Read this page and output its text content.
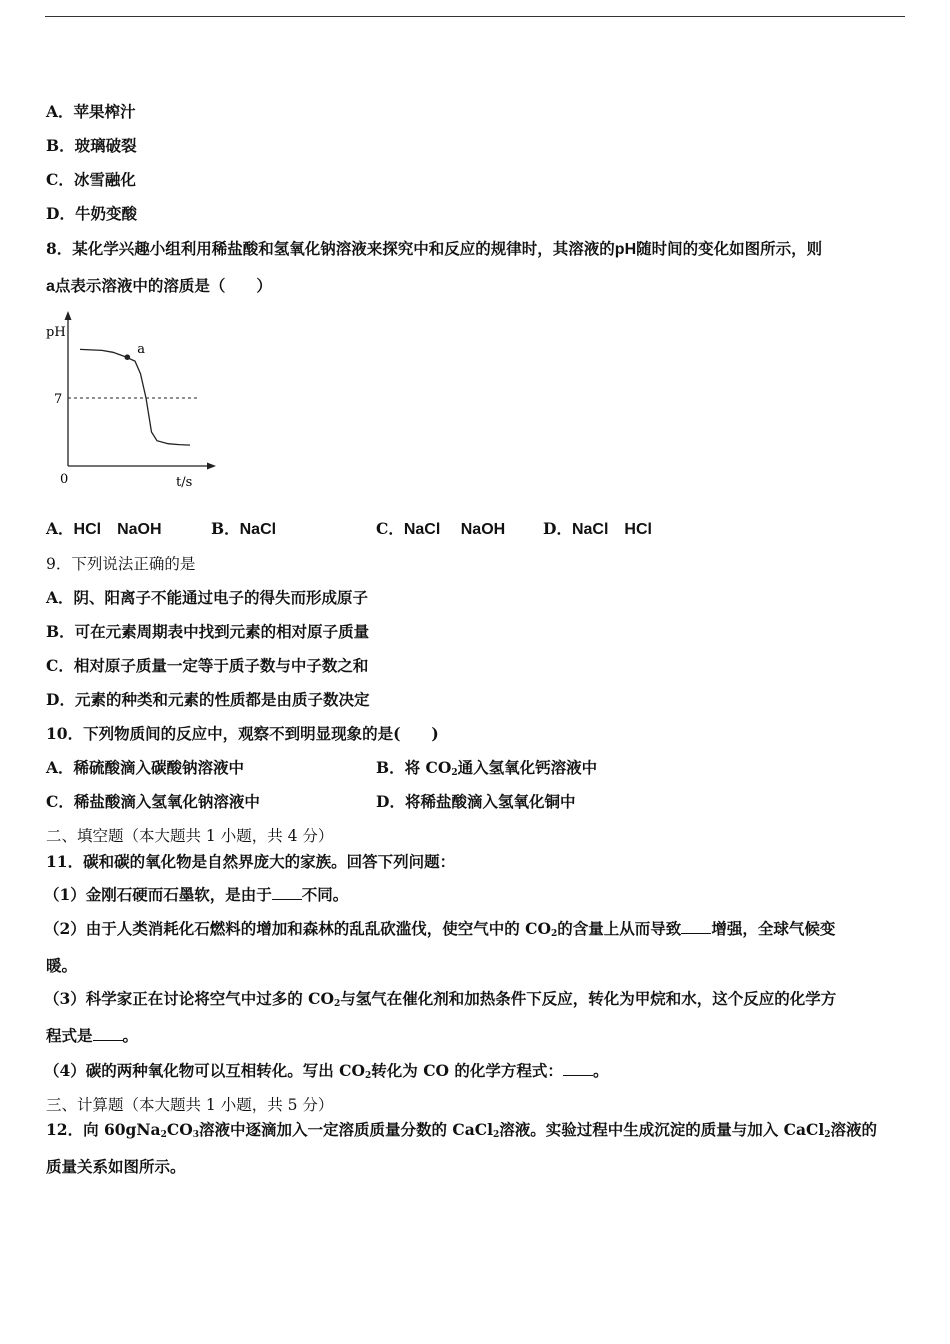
A．苹果榨汁
B．玻璃破裂
C．冰雪融化
D．牛奶变酸
8．某化学兴趣小组利用稀盐酸和氢氧化钠溶液来探究中和反应的规律时，其溶液的pH随时间的变化如图所示，则
a点表示溶液中的溶质是（　　）
pH
t/s
0
7
a
A．HCl　NaOH	B．NaCl	C．NaCl　 NaOH D．NaCl　HCl
9．下列说法正确的是
A．阴、阳离子不能通过电子的得失而形成原子
B．可在元素周期表中找到元素的相对原子质量
C．相对原子质量一定等于质子数与中子数之和
D．元素的种类和元素的性质都是由质子数决定
10．下列物质间的反应中，观察不到明显现象的是(　　)
A．稀硫酸滴入碳酸钠溶液中	B．将 $CO_2$通入氢氧化钙溶液中
C．稀盐酸滴入氢氧化钠溶液中	D．将稀盐酸滴入氢氧化铜中
二、填空题（本大题共 1 小题，共 4 分）
11．碳和碳的氧化物是自然界庞大的家族。回答下列问题：
（1）金刚石硬而石墨软，是由于 不同。
（2）由于人类消耗化石燃料的增加和森林的乱乱砍滥伐，使空气中的 $CO_2$的含量上从而导致 增强，全球气候变
暖。
（3）科学家正在讨论将空气中过多的 $CO_2$与氢气在催化剂和加热条件下反应，转化为甲烷和水，这个反应的化学方
程式是 。
（4）碳的两种氧化物可以互相转化。写出 $CO_2$转化为 CO 的化学方程式： 。
三、计算题（本大题共 1 小题，共 5 分）
12．向 $60gNa_2CO_3$溶液中逐滴加入一定溶质质量分数的 CaCl$_2$溶液。实验过程中生成沉淀的质量与加入 CaCl$_2$溶液的
质量关系如图所示。
